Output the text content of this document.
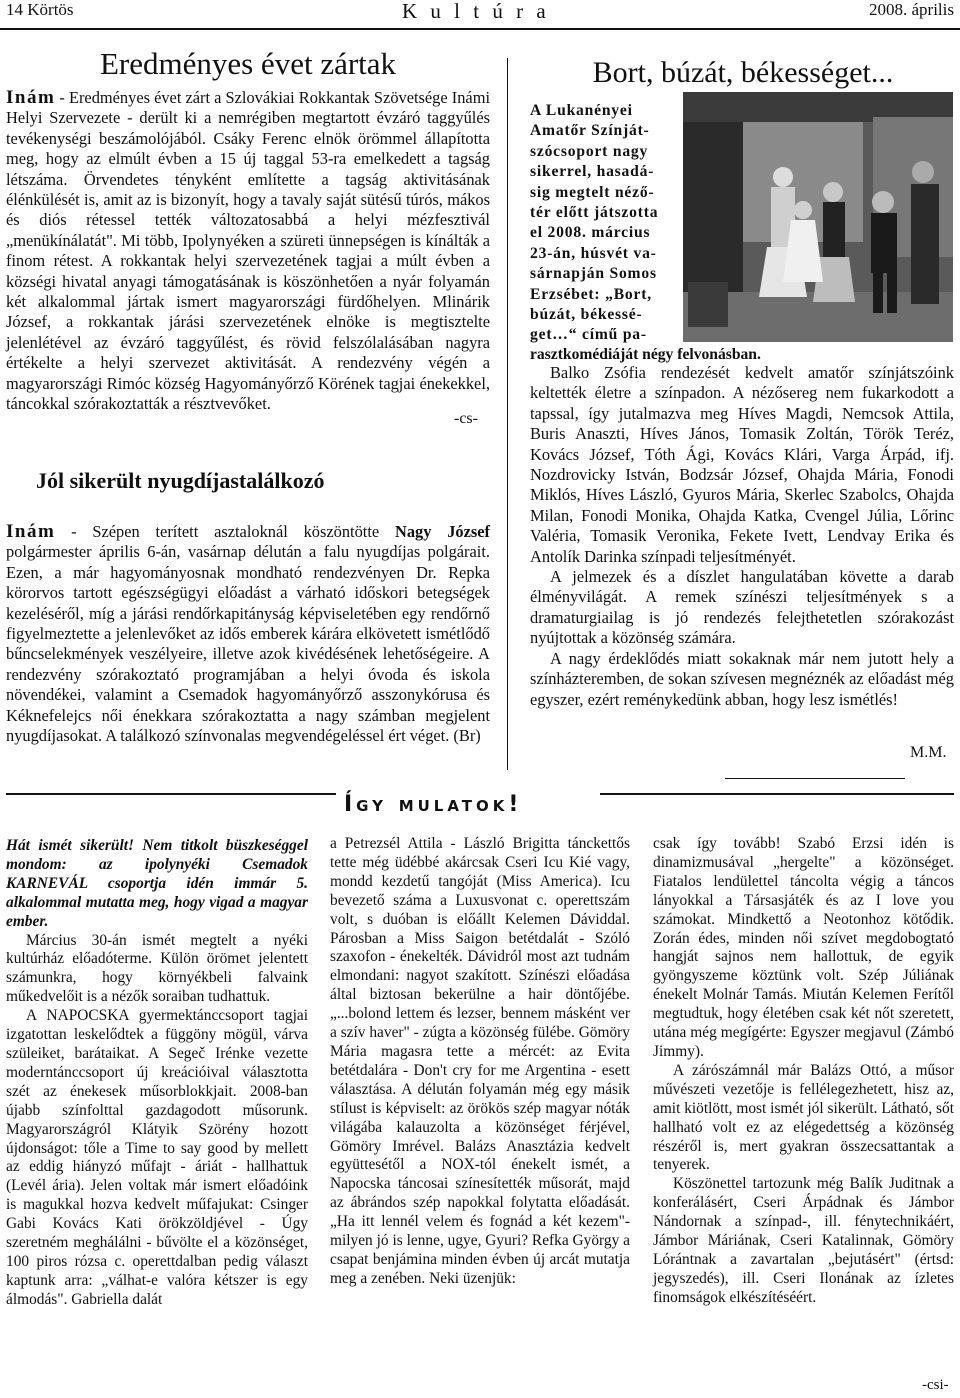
14 Körtös	K u l t ú r a	2008. április
Eredményes évet zártak

Inám - Eredményes évet zárt a Szlovákiai Rokkantak Szövetsége Inámi Helyi Szervezete - derült ki a nemrégiben megtartott évzáró taggyűlés tevékenységi beszámolójából. Csáky Ferenc elnök örömmel állapította meg, hogy az elmúlt évben a 15 új taggal 53-ra emelkedett a tagság létszáma. Örvendetes tényként említette a tagság aktivitásának élénkülését is, amit az is bizonyít, hogy a tavaly saját sütésű túrós, mákos és diós rétessel tették változatosabbá a helyi mézfesztivál „menükínálatát". Mi több, Ipolynyéken a szüreti ünnepségen is kínálták a finom rétest. A rokkantak helyi szervezetének tagjai a múlt évben a községi hivatal anyagi támogatásának is köszönhetően a nyár folyamán két alkalommal jártak ismert magyarországi fürdőhelyen. Mlinárik József, a rokkantak járási szervezetének elnöke is megtisztelte jelenlétével az évzáró taggyűlést, és rövid felszólalásában nagyra értékelte a helyi szervezet aktivitását. A rendezvény végén a magyarországi Rimóc község Hagyományőrző Körének tagjai énekekkel, táncokkal szórakoztatták a résztvevőket.

-cs-
Jól sikerült nyugdíjastalálkozó

Inám - Szépen terített asztaloknál köszöntötte Nagy József polgármester április 6-án, vasárnap délután a falu nyugdíjas polgárait. Ezen, a már hagyományosnak mondható rendezvényen Dr. Repka körorvos tartott egészségügyi előadást a várható időskori betegségek kezeléséről, míg a járási rendőrkapitányság képviseletében egy rendőrnő figyelmeztette a jelenlevőket az idős emberek kárára elkövetett ismétlődő bűncselekmények veszélyeire, illetve azok kivédésének lehetőségeire. A rendezvény szórakoztató programjában a helyi óvoda és iskola növendékei, valamint a Csemadok hagyományőrző asszonykórusa és Kéknefelejcs női énekkara szórakoztatta a nagy számban megjelent nyugdíjasokat. A találkozó színvonalas megvendégeléssel ért véget. (Br)

Bort, búzát, békességet...
A Lukanényei
Amatőr Színját-
szócsoport nagy
sikerrel, hasadá-
sig megtelt néző-
tér előtt játszotta
el 2008. március
23-án, húsvét va-
sárnapján Somos
Erzsébet: „Bort,
búzát, békessé-
get…“ című pa-
rasztkomédiáját négy felvonásban.

Balko Zsófia rendezését kedvelt amatőr színjátszóink keltették életre a színpadon. A nézősereg nem fukarkodott a tapssal, így jutalmazva meg Híves Magdi, Nemcsok Attila, Buris Anaszti, Híves János, Tomasik Zoltán, Török Teréz, Kovács József, Tóth Ági, Kovács Klári, Varga Árpád, ifj. Nozdrovicky István, Bodzsár József, Ohajda Mária, Fonodi Miklós, Híves László, Gyuros Mária, Skerlec Szabolcs, Ohajda Milan, Fonodi Monika, Ohajda Katka, Cvengel Júlia, Lőrinc Valéria, Tomasik Veronika, Fekete Ivett, Lendvay Erika és Antolík Darinka színpadi teljesítményét.

A jelmezek és a díszlet hangulatában követte a darab élményvilágát. A remek színészi teljesítmények s a dramaturgiailag is jó rendezés felejthetetlen szórakozást nyújtottak a közönség számára.

A nagy érdeklődés miatt sokaknak már nem jutott hely a színházteremben, de sokan szívesen megnéznék az előadást még egyszer, ezért reménykedünk abban, hogy lesz ismétlés!

M.M.
Így mulatok!

Hát ismét sikerült! Nem titkolt büszkeséggel mondom: az ipolynyéki Csemadok KARNEVÁL csoportja idén immár 5. alkalommal mutatta meg, hogy vigad a magyar ember.

Március 30-án ismét megtelt a nyéki kultúrház előadóterme. Külön örömet jelentett számunkra, hogy környékbeli falvaink műkedvelőit is a nézők soraiban tudhattuk.

A NAPOCSKA gyermektánccsoport tagjai izgatottan leskelődtek a függöny mögül, várva szüleiket, barátaikat. A Segeč Irénke vezette moderntánccsoport új kreációival választotta szét az énekesek műsorblokkjait. 2008-ban újabb színfolttal gazdagodott műsorunk. Magyarországról Klátyik Szörény hozott újdonságot: tőle a Time to say good by mellett az eddig hiányzó műfajt - áriát - hallhattuk (Levél ária). Jelen voltak már ismert előadóink is magukkal hozva kedvelt műfajukat: Csinger Gabi Kovács Kati örökzöldjével - Úgy szeretném meghálálni - bűvölte el a közönséget, 100 piros rózsa c. operettdalban pedig választ kaptunk arra: „válhat-e valóra kétszer is egy álmodás". Gabriella dalát

a Petrezsél Attila - László Brigitta tánckettős tette még üdébbé akárcsak Cseri Icu Kié vagy, mondd kezdetű tangóját (Miss America). Icu bevezető száma a Luxusvonat c. operettszám volt, s duóban is előállt Kelemen Dáviddal. Párosban a Miss Saigon betétdalát - Szóló szaxofon - énekelték. Dávidról most azt tudnám elmondani: nagyot szakított. Színészi előadása által biztosan bekerülne a hair döntőjébe. „...bolond lettem és lezser, bennem másként ver a szív haver" - zúgta a közönség fülébe. Gömöry Mária magasra tette a mércét: az Evita betétdalára - Don't cry for me Argentina - esett választása. A délután folyamán még egy másik stílust is képviselt: az örökös szép magyar nóták világába kalauzolta a közönséget férjével, Gömöry Imrével. Balázs Anasztázia kedvelt együttesétől a NOX-tól énekelt ismét, a Napocska táncosai színesítették műsorát, majd az ábrándos szép napokkal folytatta előadását. „Ha itt lennél velem és fognád a két kezem"- milyen jó is lenne, ugye, Gyuri? Refka György a csapat benjámina minden évben új arcát mutatja meg a zenében. Neki üzenjük:

csak így tovább! Szabó Erzsi idén is dinamizmusával „hergelte" a közönséget. Fiatalos lendülettel táncolta végig a táncos lányokkal a Társasjáték és az I love you számokat. Mindkettő a Neotonhoz kötődik. Zorán édes, minden női szívet megdobogtató hangját sajnos nem hallottuk, de egyik gyöngyszeme köztünk volt. Szép Júliának énekelt Molnár Tamás. Miután Kelemen Ferítől megtudtuk, hogy életében csak két nőt szeretett, utána még megígérte: Egyszer megjavul (Zámbó Jimmy).

A zárószámnál már Balázs Ottó, a műsor művészeti vezetője is fellélegezhetett, hisz az, amit kiötlött, most ismét jól sikerült. Látható, sőt hallható volt ez az elégedettség a közönség részéről is, mert gyakran összecsattantak a tenyerek.

Köszönettel tartozunk még Balík Juditnak a konferálásért, Cseri Árpádnak és Jámbor Nándornak a színpad-, ill. fénytechnikáért, Jámbor Máriának, Cseri Katalinnak, Gömöry Lórántnak a zavartalan „bejutásért" (értsd: jegyszedés), ill. Cseri Ilonának az ízletes finomságok elkészítéséért.

-csi-
